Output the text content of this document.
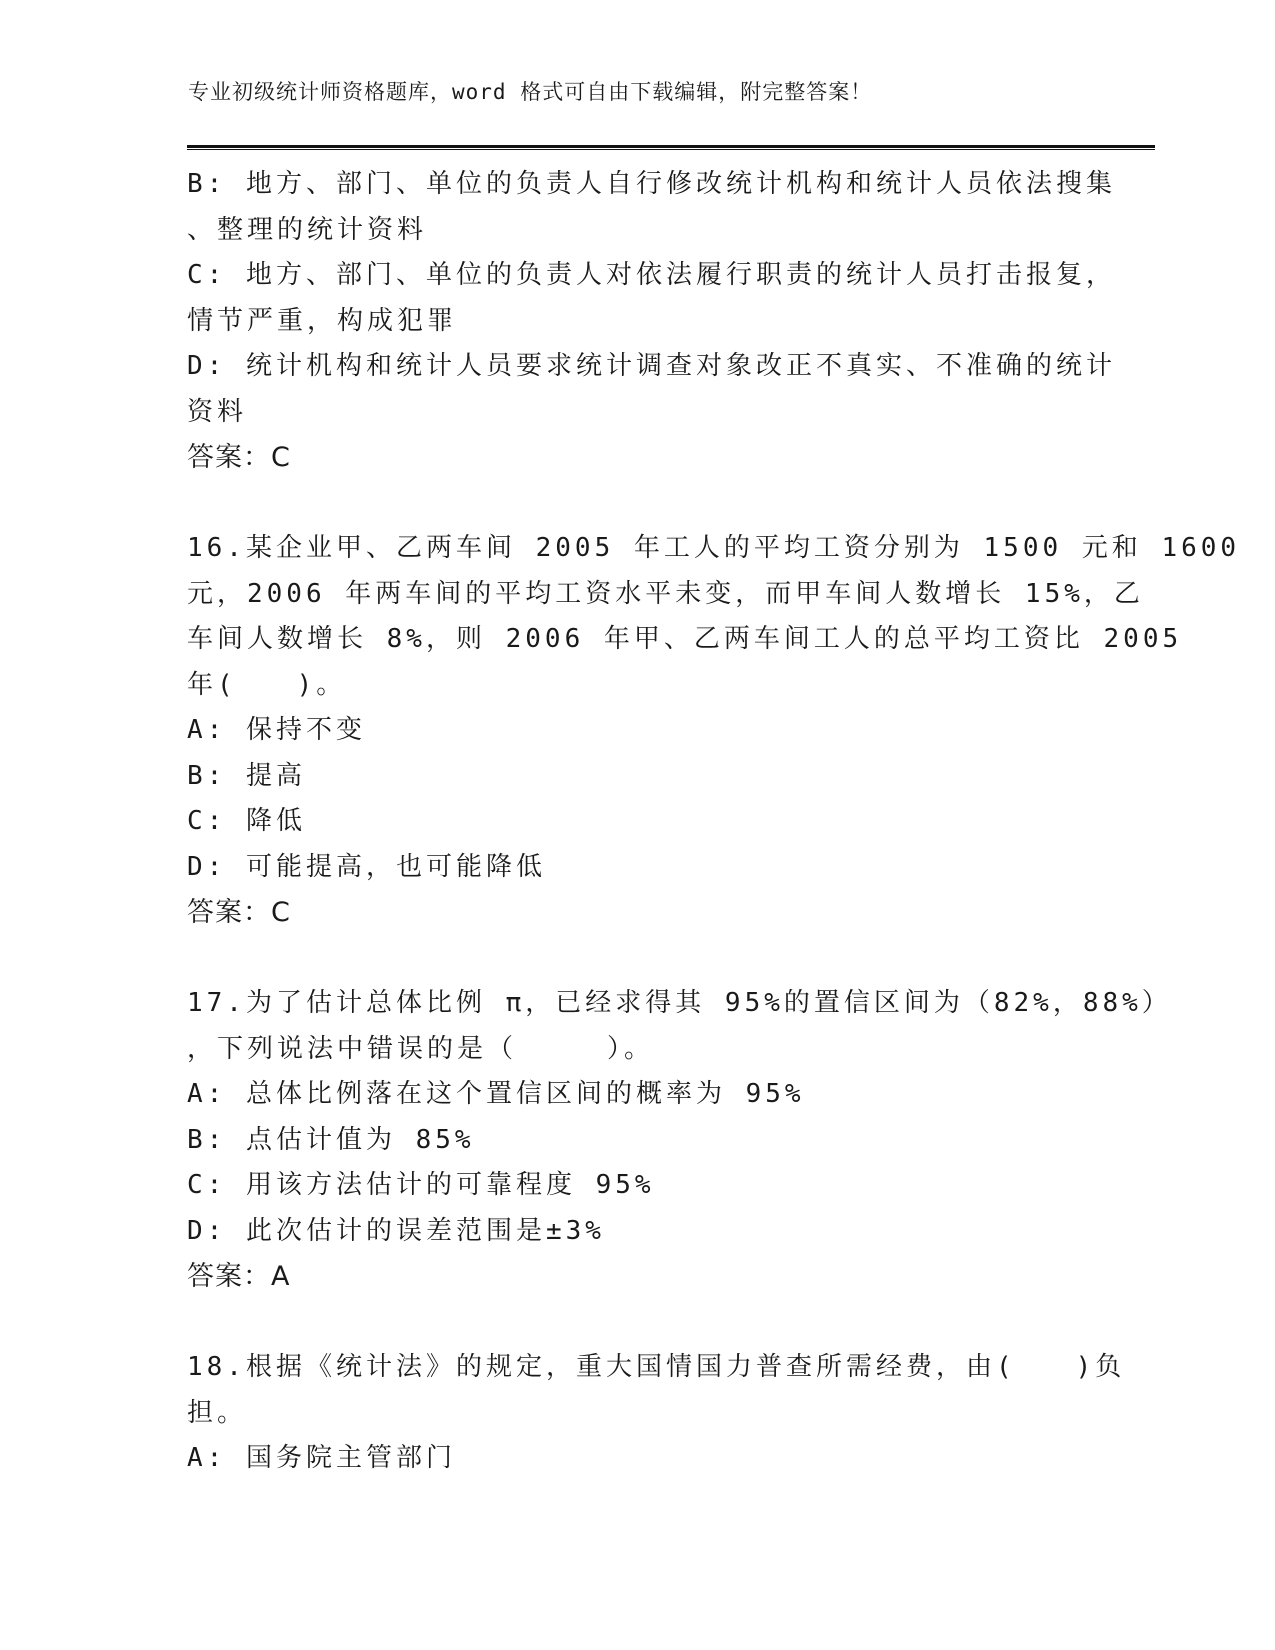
专业初级统计师资格题库，word 格式可自由下载编辑，附完整答案！
B: 地方、部门、单位的负责人自行修改统计机构和统计人员依法搜集
、整理的统计资料
C: 地方、部门、单位的负责人对依法履行职责的统计人员打击报复，
情节严重，构成犯罪
D: 统计机构和统计人员要求统计调查对象改正不真实、不准确的统计
资料
答案：C
16.某企业甲、乙两车间 2005 年工人的平均工资分别为 1500 元和 1600
元，2006 年两车间的平均工资水平未变，而甲车间人数增长 15%，乙
车间人数增长 8%，则 2006 年甲、乙两车间工人的总平均工资比 2005
年(　　)。
A: 保持不变
B: 提高
C: 降低
D: 可能提高，也可能降低
答案：C
17.为了估计总体比例 π，已经求得其 95%的置信区间为（82%，88%）
，下列说法中错误的是（　　　）。
A: 总体比例落在这个置信区间的概率为 95%
B: 点估计值为 85%
C: 用该方法估计的可靠程度 95%
D: 此次估计的误差范围是±3%
答案：A
18.根据《统计法》的规定，重大国情国力普查所需经费，由(　　)负
担。
A: 国务院主管部门
